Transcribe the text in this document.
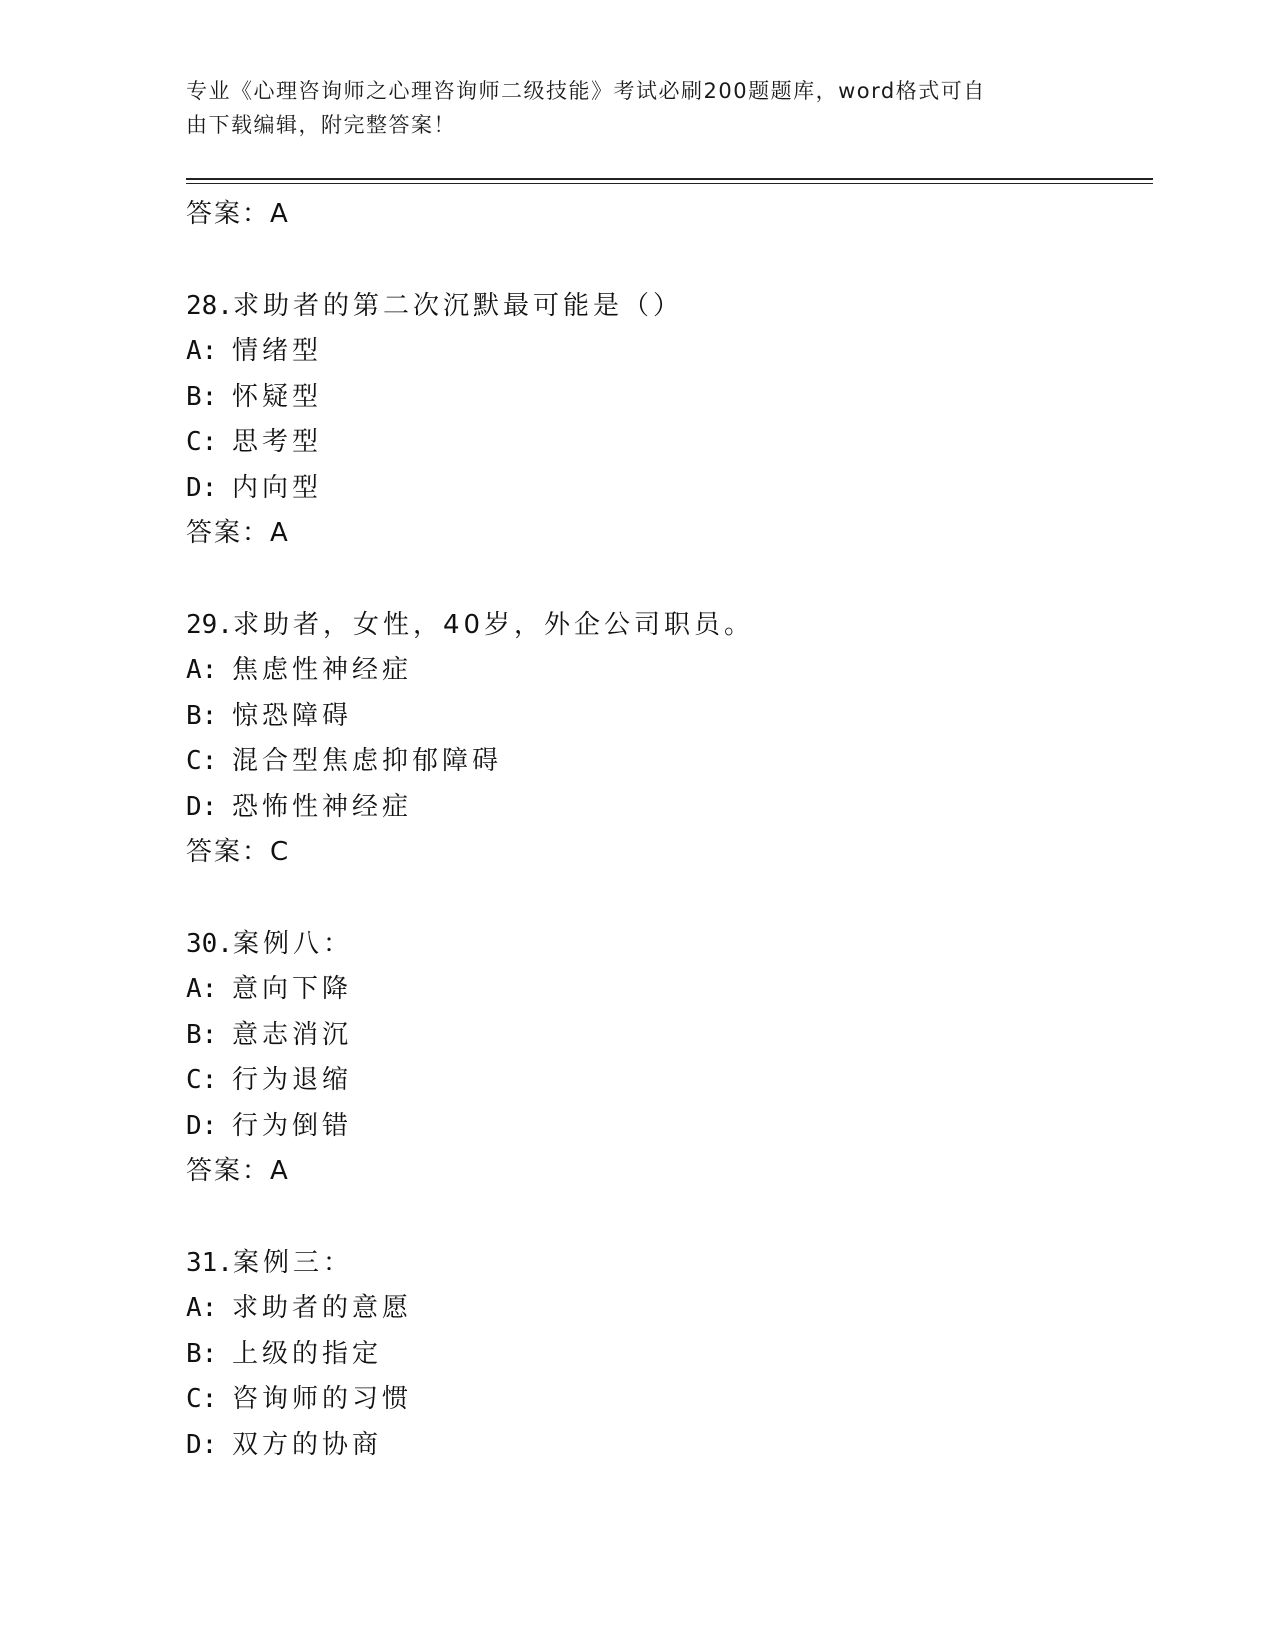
专业《心理咨询师之心理咨询师二级技能》考试必刷200题题库，word格式可自
由下载编辑，附完整答案！
答案：A
28.求助者的第二次沉默最可能是（）
A: 情绪型
B: 怀疑型
C: 思考型
D: 内向型
答案：A
29.求助者，女性，40岁，外企公司职员。
A: 焦虑性神经症
B: 惊恐障碍
C: 混合型焦虑抑郁障碍
D: 恐怖性神经症
答案：C
30.案例八：
A: 意向下降
B: 意志消沉
C: 行为退缩
D: 行为倒错
答案：A
31.案例三：
A: 求助者的意愿
B: 上级的指定
C: 咨询师的习惯
D: 双方的协商
